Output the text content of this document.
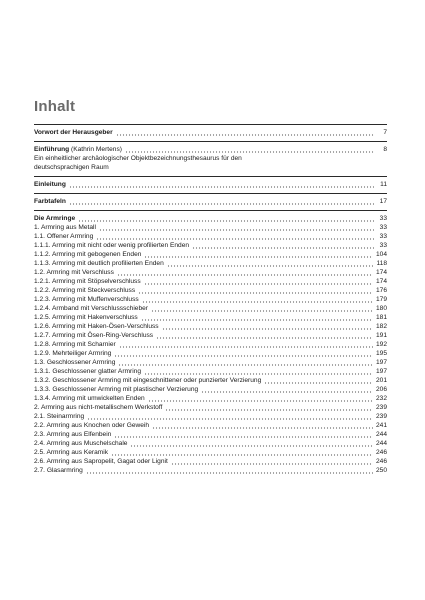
Inhalt
Vorwort der Herausgeber	7
Einführung (Kathrin Mertens)	8
Ein einheitlicher archäologischer Objektbezeichnungsthesaurus für den
deutschsprachigen Raum
Einleitung	11
Farbtafeln	17
Die Armringe	33
1. Armring aus Metall	33
1.1. Offener Armring	33
1.1.1. Armring mit nicht oder wenig profilierten Enden	33
1.1.2. Armring mit gebogenen Enden	104
1.1.3. Armring mit deutlich profilierten Enden	118
1.2. Armring mit Verschluss	174
1.2.1. Armring mit Stöpselverschluss	174
1.2.2. Armring mit Steckverschluss	176
1.2.3. Armring mit Muffenverschluss	179
1.2.4. Armband mit Verschlussschieber	180
1.2.5. Armring mit Hakenverschluss	181
1.2.6. Armring mit Haken-Ösen-Verschluss	182
1.2.7. Armring mit Ösen-Ring-Verschluss	191
1.2.8. Armring mit Scharnier	192
1.2.9. Mehrteiliger Armring	195
1.3. Geschlossener Armring	197
1.3.1. Geschlossener glatter Armring	197
1.3.2. Geschlossener Armring mit eingeschnittener oder punzierter Verzierung	201
1.3.3. Geschlossener Armring mit plastischer Verzierung	206
1.3.4. Armring mit umwickelten Enden	232
2. Armring aus nicht-metallischem Werkstoff	239
2.1. Steinarmring	239
2.2. Armring aus Knochen oder Geweih	241
2.3. Armring aus Elfenbein	244
2.4. Armring aus Muschelschale	244
2.5. Armring aus Keramik	246
2.6. Armring aus Sapropelit, Gagat oder Lignit	246
2.7. Glasarmring	250
